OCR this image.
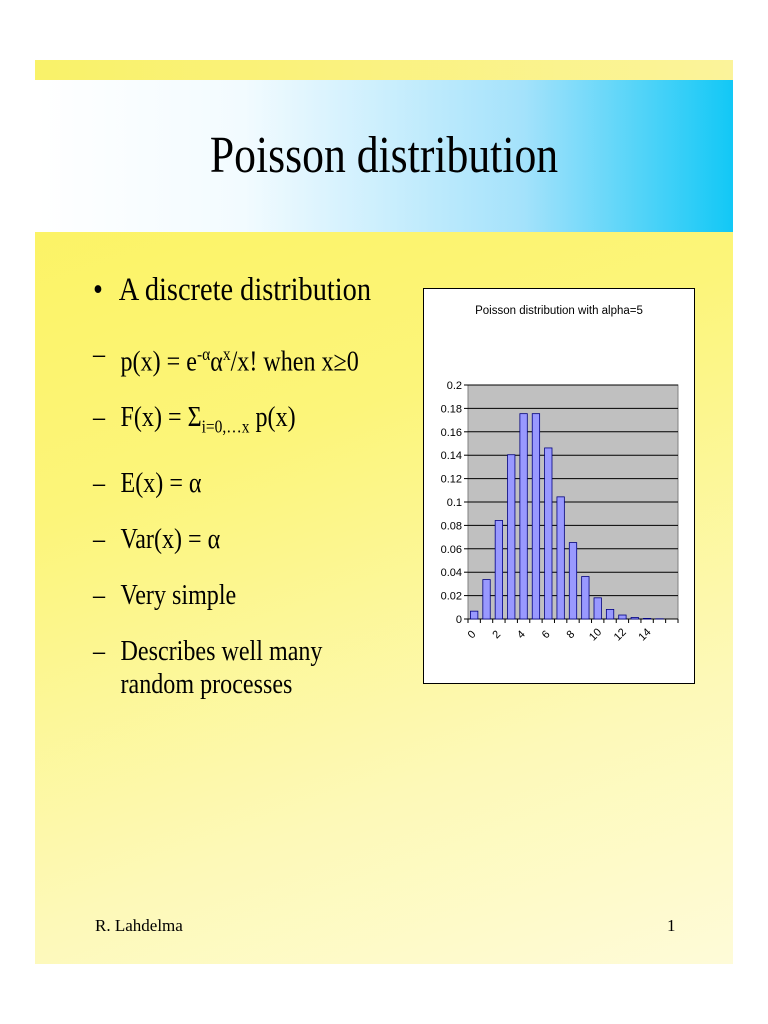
Poisson distribution
• A discrete distribution
– $p(x) = e^{-\alpha}\alpha^x/x$! when x≥0
– $F(x) = \Sigma_{i=0,\dots x}$ p(x)
– E(x) = α
– Var(x) = α
– Very simple
– Describes well many random processes
Poisson distribution with alpha=5
0
0.02
0.04
0.06
0.08
0.1
0.12
0.14
0.16
0.18
0.2
0 2 4 6 8 10 12 14
R. Lahdelma	1
